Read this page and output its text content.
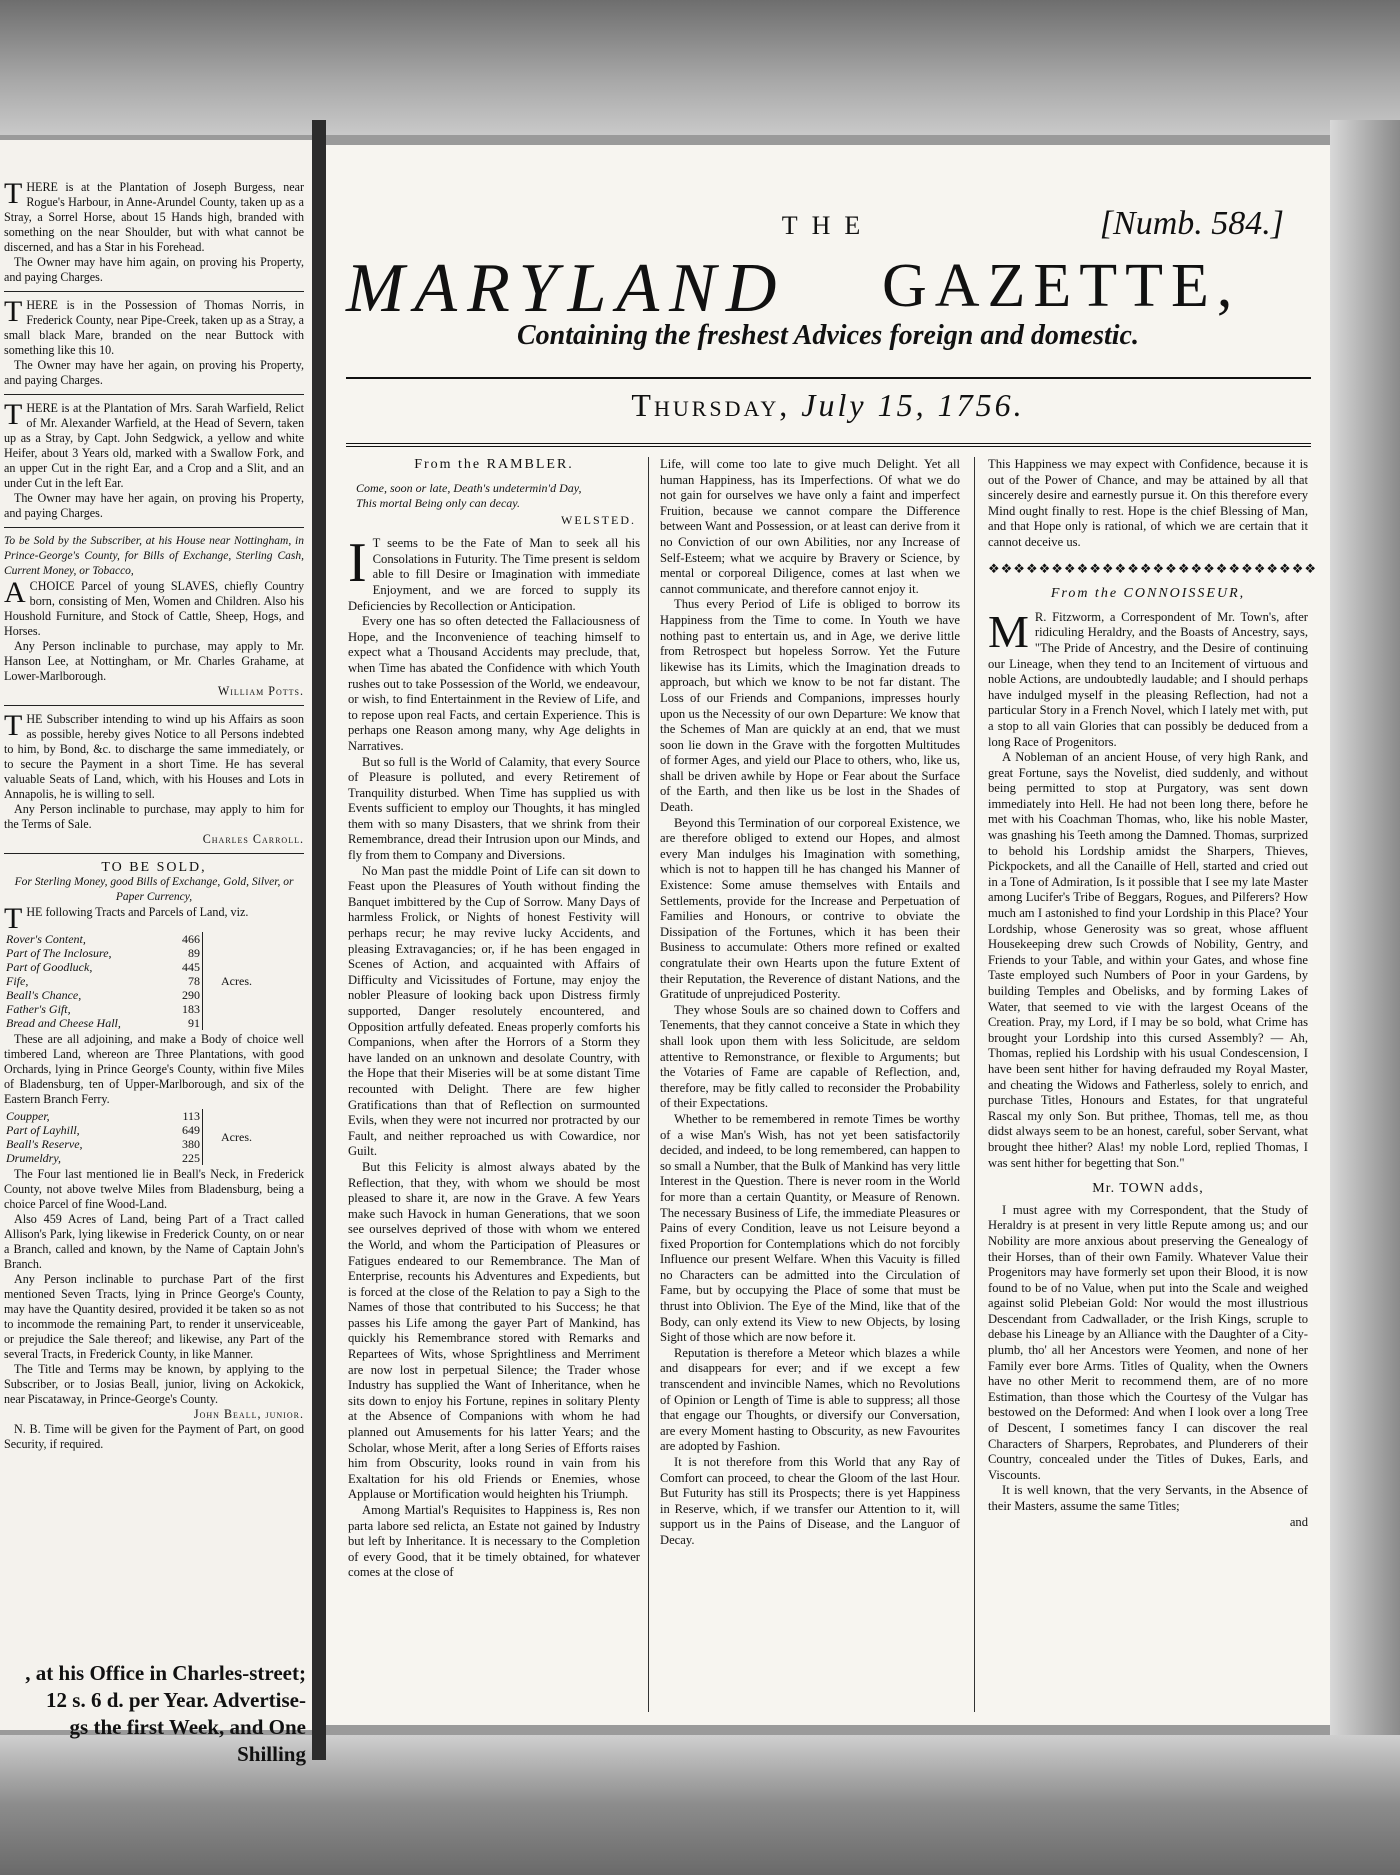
THERE is at the Plantation of Joseph Burgess, near Rogue's Harbour, in Anne-Arundel County, taken up as a Stray, a Sorrel Horse, about 15 Hands high, branded with something on the near Shoulder, but with what cannot be discerned, and has a Star in his Forehead.

The Owner may have him again, on proving his Property, and paying Charges.

THERE is in the Possession of Thomas Norris, in Frederick County, near Pipe-Creek, taken up as a Stray, a small black Mare, branded on the near Buttock with something like this 10.

The Owner may have her again, on proving his Property, and paying Charges.

THERE is at the Plantation of Mrs. Sarah Warfield, Relict of Mr. Alexander Warfield, at the Head of Severn, taken up as a Stray, by Capt. John Sedgwick, a yellow and white Heifer, about 3 Years old, marked with a Swallow Fork, and an upper Cut in the right Ear, and a Crop and a Slit, and an under Cut in the left Ear.

The Owner may have her again, on proving his Property, and paying Charges.

To be Sold by the Subscriber, at his House near Nottingham, in Prince-George's County, for Bills of Exchange, Sterling Cash, Current Money, or Tobacco,

ACHOICE Parcel of young SLAVES, chiefly Country born, consisting of Men, Women and Children. Also his Houshold Furniture, and Stock of Cattle, Sheep, Hogs, and Horses.

Any Person inclinable to purchase, may apply to Mr. Hanson Lee, at Nottingham, or Mr. Charles Grahame, at Lower-Marlborough.

William Potts.

THE Subscriber intending to wind up his Affairs as soon as possible, hereby gives Notice to all Persons indebted to him, by Bond, &c. to discharge the same immediately, or to secure the Payment in a short Time. He has several valuable Seats of Land, which, with his Houses and Lots in Annapolis, he is willing to sell.

Any Person inclinable to purchase, may apply to him for the Terms of Sale.

Charles Carroll.
TO BE SOLD,
For Sterling Money, good Bills of Exchange, Gold, Silver, or Paper Currency,

THE following Tracts and Parcels of Land, viz.

Rover's Content,	466	Acres.
Part of The Inclosure,	89	
Part of Goodluck,	445	
Fife,	78	
Beall's Chance,	290	
Father's Gift,	183	
Bread and Cheese Hall,	91	

These are all adjoining, and make a Body of choice well timbered Land, whereon are Three Plantations, with good Orchards, lying in Prince George's County, within five Miles of Bladensburg, ten of Upper-Marlborough, and six of the Eastern Branch Ferry.

Coupper,	113	Acres.
Part of Layhill,	649	
Beall's Reserve,	380	
Drumeldry,	225	

The Four last mentioned lie in Beall's Neck, in Frederick County, not above twelve Miles from Bladensburg, being a choice Parcel of fine Wood-Land.

Also 459 Acres of Land, being Part of a Tract called Allison's Park, lying likewise in Frederick County, on or near a Branch, called and known, by the Name of Captain John's Branch.

Any Person inclinable to purchase Part of the first mentioned Seven Tracts, lying in Prince George's County, may have the Quantity desired, provided it be taken so as not to incommode the remaining Part, to render it unserviceable, or prejudice the Sale thereof; and likewise, any Part of the several Tracts, in Frederick County, in like Manner.

The Title and Terms may be known, by applying to the Subscriber, or to Josias Beall, junior, living on Ackokick, near Piscataway, in Prince-George's County.

John Beall, junior.

N. B. Time will be given for the Payment of Part, on good Security, if required.

, at his Office in Charles-street;
12 s. 6 d. per Year. Advertise-
gs the first Week, and One Shilling
THE	[Numb. 584.]
MARYLAND GAZETTE,
Containing the freshest Advices foreign and domestic.
Thursday, July 15, 1756.
From the RAMBLER.
Come, soon or late, Death's undetermin'd Day,
This mortal Being only can decay.
WELSTED.

I T seems to be the Fate of Man to seek all his Consolations in Futurity. The Time present is seldom able to fill Desire or Imagination with immediate Enjoyment, and we are forced to supply its Deficiencies by Recollection or Anticipation.

Every one has so often detected the Fallaciousness of Hope, and the Inconvenience of teaching himself to expect what a Thousand Accidents may preclude, that, when Time has abated the Confidence with which Youth rushes out to take Possession of the World, we endeavour, or wish, to find Entertainment in the Review of Life, and to repose upon real Facts, and certain Experience. This is perhaps one Reason among many, why Age delights in Narratives.

But so full is the World of Calamity, that every Source of Pleasure is polluted, and every Retirement of Tranquility disturbed. When Time has supplied us with Events sufficient to employ our Thoughts, it has mingled them with so many Disasters, that we shrink from their Remembrance, dread their Intrusion upon our Minds, and fly from them to Company and Diversions.

No Man past the middle Point of Life can sit down to Feast upon the Pleasures of Youth without finding the Banquet imbittered by the Cup of Sorrow. Many Days of harmless Frolick, or Nights of honest Festivity will perhaps recur; he may revive lucky Accidents, and pleasing Extravagancies; or, if he has been engaged in Scenes of Action, and acquainted with Affairs of Difficulty and Vicissitudes of Fortune, may enjoy the nobler Pleasure of looking back upon Distress firmly supported, Danger resolutely encountered, and Opposition artfully defeated. Eneas properly comforts his Companions, when after the Horrors of a Storm they have landed on an unknown and desolate Country, with the Hope that their Miseries will be at some distant Time recounted with Delight. There are few higher Gratifications than that of Reflection on surmounted Evils, when they were not incurred nor protracted by our Fault, and neither reproached us with Cowardice, nor Guilt.

But this Felicity is almost always abated by the Reflection, that they, with whom we should be most pleased to share it, are now in the Grave. A few Years make such Havock in human Generations, that we soon see ourselves deprived of those with whom we entered the World, and whom the Participation of Pleasures or Fatigues endeared to our Remembrance. The Man of Enterprise, recounts his Adventures and Expedients, but is forced at the close of the Relation to pay a Sigh to the Names of those that contributed to his Success; he that passes his Life among the gayer Part of Mankind, has quickly his Remembrance stored with Remarks and Repartees of Wits, whose Sprightliness and Merriment are now lost in perpetual Silence; the Trader whose Industry has supplied the Want of Inheritance, when he sits down to enjoy his Fortune, repines in solitary Plenty at the Absence of Companions with whom he had planned out Amusements for his latter Years; and the Scholar, whose Merit, after a long Series of Efforts raises him from Obscurity, looks round in vain from his Exaltation for his old Friends or Enemies, whose Applause or Mortification would heighten his Triumph.

Among Martial's Requisites to Happiness is, Res non parta labore sed relicta, an Estate not gained by Industry but left by Inheritance. It is necessary to the Completion of every Good, that it be timely obtained, for whatever comes at the close of

Life, will come too late to give much Delight. Yet all human Happiness, has its Imperfections. Of what we do not gain for ourselves we have only a faint and imperfect Fruition, because we cannot compare the Difference between Want and Possession, or at least can derive from it no Conviction of our own Abilities, nor any Increase of Self-Esteem; what we acquire by Bravery or Science, by mental or corporeal Diligence, comes at last when we cannot communicate, and therefore cannot enjoy it.

Thus every Period of Life is obliged to borrow its Happiness from the Time to come. In Youth we have nothing past to entertain us, and in Age, we derive little from Retrospect but hopeless Sorrow. Yet the Future likewise has its Limits, which the Imagination dreads to approach, but which we know to be not far distant. The Loss of our Friends and Companions, impresses hourly upon us the Necessity of our own Departure: We know that the Schemes of Man are quickly at an end, that we must soon lie down in the Grave with the forgotten Multitudes of former Ages, and yield our Place to others, who, like us, shall be driven awhile by Hope or Fear about the Surface of the Earth, and then like us be lost in the Shades of Death.

Beyond this Termination of our corporeal Existence, we are therefore obliged to extend our Hopes, and almost every Man indulges his Imagination with something, which is not to happen till he has changed his Manner of Existence: Some amuse themselves with Entails and Settlements, provide for the Increase and Perpetuation of Families and Honours, or contrive to obviate the Dissipation of the Fortunes, which it has been their Business to accumulate: Others more refined or exalted congratulate their own Hearts upon the future Extent of their Reputation, the Reverence of distant Nations, and the Gratitude of unprejudiced Posterity.

They whose Souls are so chained down to Coffers and Tenements, that they cannot conceive a State in which they shall look upon them with less Solicitude, are seldom attentive to Remonstrance, or flexible to Arguments; but the Votaries of Fame are capable of Reflection, and, therefore, may be fitly called to reconsider the Probability of their Expectations.

Whether to be remembered in remote Times be worthy of a wise Man's Wish, has not yet been satisfactorily decided, and indeed, to be long remembered, can happen to so small a Number, that the Bulk of Mankind has very little Interest in the Question. There is never room in the World for more than a certain Quantity, or Measure of Renown. The necessary Business of Life, the immediate Pleasures or Pains of every Condition, leave us not Leisure beyond a fixed Proportion for Contemplations which do not forcibly Influence our present Welfare. When this Vacuity is filled no Characters can be admitted into the Circulation of Fame, but by occupying the Place of some that must be thrust into Oblivion. The Eye of the Mind, like that of the Body, can only extend its View to new Objects, by losing Sight of those which are now before it.

Reputation is therefore a Meteor which blazes a while and disappears for ever; and if we except a few transcendent and invincible Names, which no Revolutions of Opinion or Length of Time is able to suppress; all those that engage our Thoughts, or diversify our Conversation, are every Moment hasting to Obscurity, as new Favourites are adopted by Fashion.

It is not therefore from this World that any Ray of Comfort can proceed, to chear the Gloom of the last Hour. But Futurity has still its Prospects; there is yet Happiness in Reserve, which, if we transfer our Attention to it, will support us in the Pains of Disease, and the Languor of Decay.

This Happiness we may expect with Confidence, because it is out of the Power of Chance, and may be attained by all that sincerely desire and earnestly pursue it. On this therefore every Mind ought finally to rest. Hope is the chief Blessing of Man, and that Hope only is rational, of which we are certain that it cannot deceive us.

❖❖❖❖❖❖❖❖❖❖❖❖❖❖❖❖❖❖❖❖❖❖❖❖❖❖
From the CONNOISSEUR,

M R. Fitzworm, a Correspondent of Mr. Town's, after ridiculing Heraldry, and the Boasts of Ancestry, says, "The Pride of Ancestry, and the Desire of continuing our Lineage, when they tend to an Incitement of virtuous and noble Actions, are undoubtedly laudable; and I should perhaps have indulged myself in the pleasing Reflection, had not a particular Story in a French Novel, which I lately met with, put a stop to all vain Glories that can possibly be deduced from a long Race of Progenitors.

A Nobleman of an ancient House, of very high Rank, and great Fortune, says the Novelist, died suddenly, and without being permitted to stop at Purgatory, was sent down immediately into Hell. He had not been long there, before he met with his Coachman Thomas, who, like his noble Master, was gnashing his Teeth among the Damned. Thomas, surprized to behold his Lordship amidst the Sharpers, Thieves, Pickpockets, and all the Canaille of Hell, started and cried out in a Tone of Admiration, Is it possible that I see my late Master among Lucifer's Tribe of Beggars, Rogues, and Pilferers? How much am I astonished to find your Lordship in this Place? Your Lordship, whose Generosity was so great, whose affluent Housekeeping drew such Crowds of Nobility, Gentry, and Friends to your Table, and within your Gates, and whose fine Taste employed such Numbers of Poor in your Gardens, by building Temples and Obelisks, and by forming Lakes of Water, that seemed to vie with the largest Oceans of the Creation. Pray, my Lord, if I may be so bold, what Crime has brought your Lordship into this cursed Assembly? — Ah, Thomas, replied his Lordship with his usual Condescension, I have been sent hither for having defrauded my Royal Master, and cheating the Widows and Fatherless, solely to enrich, and purchase Titles, Honours and Estates, for that ungrateful Rascal my only Son. But prithee, Thomas, tell me, as thou didst always seem to be an honest, careful, sober Servant, what brought thee hither? Alas! my noble Lord, replied Thomas, I was sent hither for begetting that Son."

Mr. TOWN adds,

I must agree with my Correspondent, that the Study of Heraldry is at present in very little Repute among us; and our Nobility are more anxious about preserving the Genealogy of their Horses, than of their own Family. Whatever Value their Progenitors may have formerly set upon their Blood, it is now found to be of no Value, when put into the Scale and weighed against solid Plebeian Gold: Nor would the most illustrious Descendant from Cadwallader, or the Irish Kings, scruple to debase his Lineage by an Alliance with the Daughter of a City-plumb, tho' all her Ancestors were Yeomen, and none of her Family ever bore Arms. Titles of Quality, when the Owners have no other Merit to recommend them, are of no more Estimation, than those which the Courtesy of the Vulgar has bestowed on the Deformed: And when I look over a long Tree of Descent, I sometimes fancy I can discover the real Characters of Sharpers, Reprobates, and Plunderers of their Country, concealed under the Titles of Dukes, Earls, and Viscounts.

It is well known, that the very Servants, in the Absence of their Masters, assume the same Titles;

and
